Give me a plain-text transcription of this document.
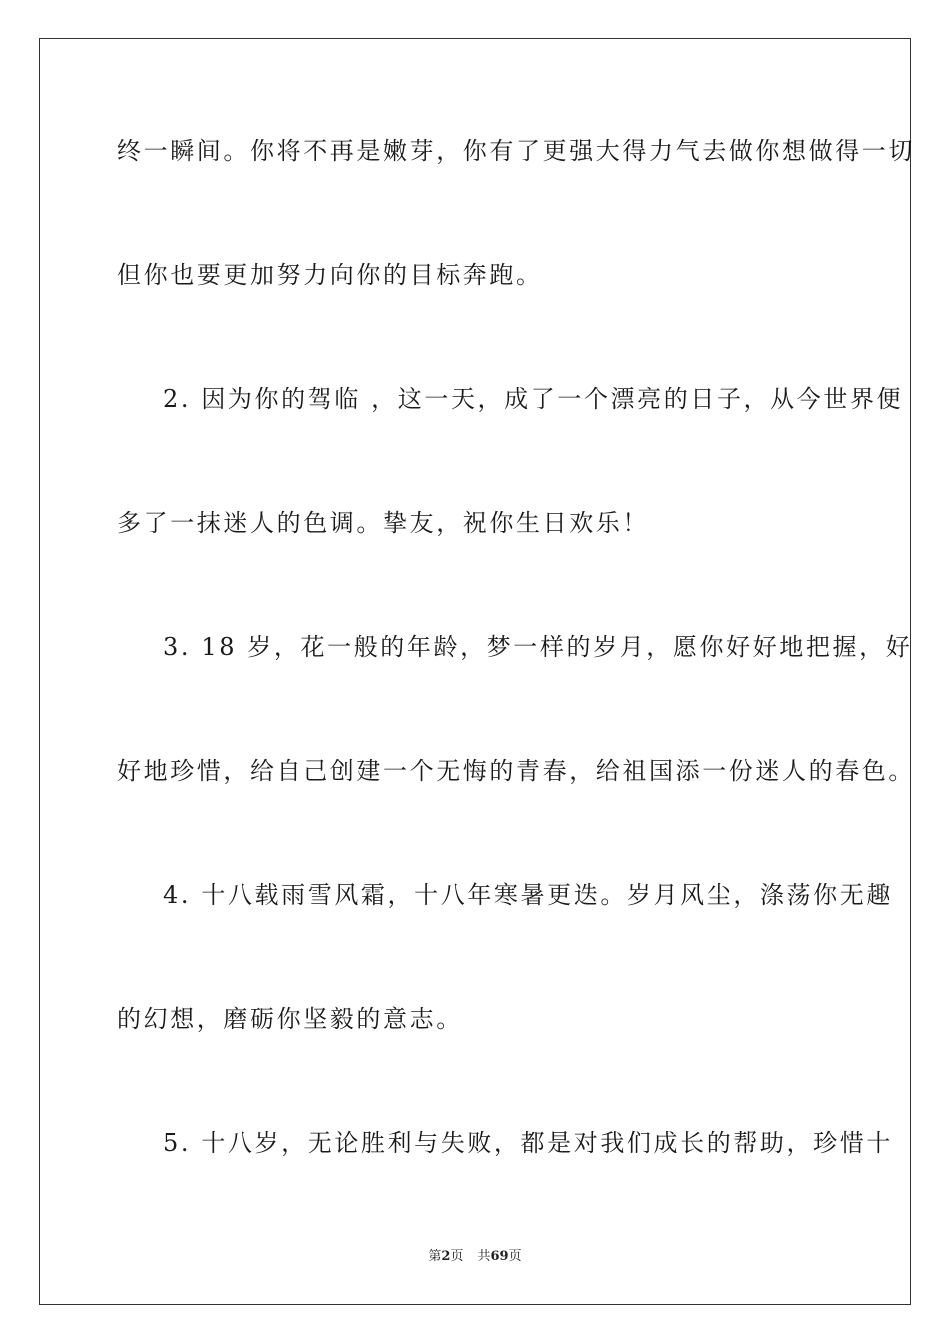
终一瞬间。你将不再是嫩芽，你有了更强大得力气去做你想做得一切
但你也要更加努力向你的目标奔跑。
2. 因为你的驾临 ，这一天，成了一个漂亮的日子，从今世界便
多了一抹迷人的色调。挚友，祝你生日欢乐！
3. 18 岁，花一般的年龄，梦一样的岁月，愿你好好地把握，好
好地珍惜，给自己创建一个无悔的青春，给祖国添一份迷人的春色。
4. 十八载雨雪风霜，十八年寒暑更迭。岁月风尘，涤荡你无趣
的幻想，磨砺你坚毅的意志。
5. 十八岁，无论胜利与失败，都是对我们成长的帮助，珍惜十
第2页 共69页
